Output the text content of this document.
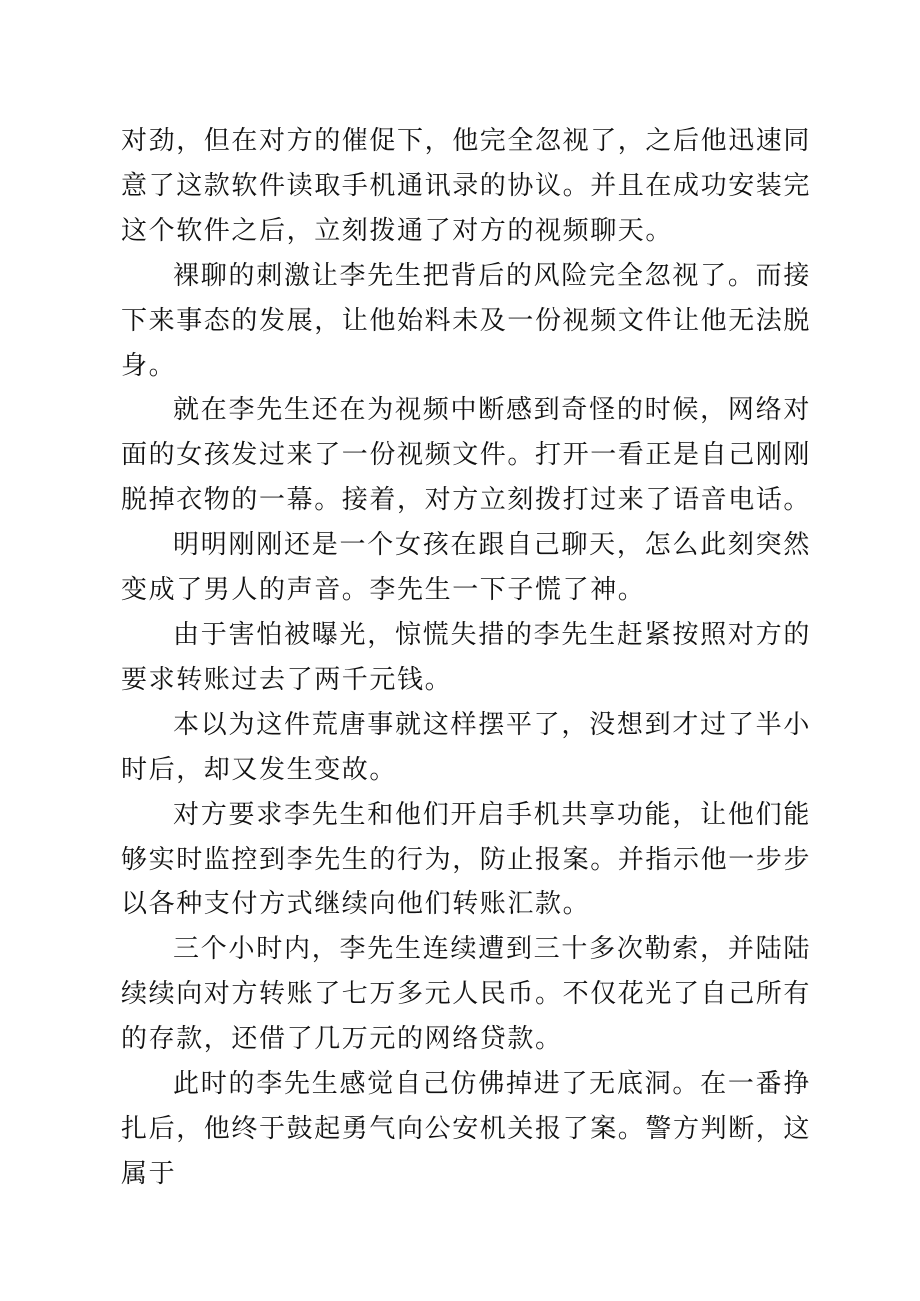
对劲，但在对方的催促下，他完全忽视了，之后他迅速同意了这款软件读取手机通讯录的协议。并且在成功安装完这个软件之后，立刻拨通了对方的视频聊天。

裸聊的刺激让李先生把背后的风险完全忽视了。而接下来事态的发展，让他始料未及一份视频文件让他无法脱身。

就在李先生还在为视频中断感到奇怪的时候，网络对面的女孩发过来了一份视频文件。打开一看正是自己刚刚脱掉衣物的一幕。接着，对方立刻拨打过来了语音电话。

明明刚刚还是一个女孩在跟自己聊天，怎么此刻突然变成了男人的声音。李先生一下子慌了神。

由于害怕被曝光，惊慌失措的李先生赶紧按照对方的要求转账过去了两千元钱。

本以为这件荒唐事就这样摆平了，没想到才过了半小时后，却又发生变故。

对方要求李先生和他们开启手机共享功能，让他们能够实时监控到李先生的行为，防止报案。并指示他一步步以各种支付方式继续向他们转账汇款。

三个小时内，李先生连续遭到三十多次勒索，并陆陆续续向对方转账了七万多元人民币。不仅花光了自己所有的存款，还借了几万元的网络贷款。

此时的李先生感觉自己仿佛掉进了无底洞。在一番挣扎后，他终于鼓起勇气向公安机关报了案。警方判断，这属于
